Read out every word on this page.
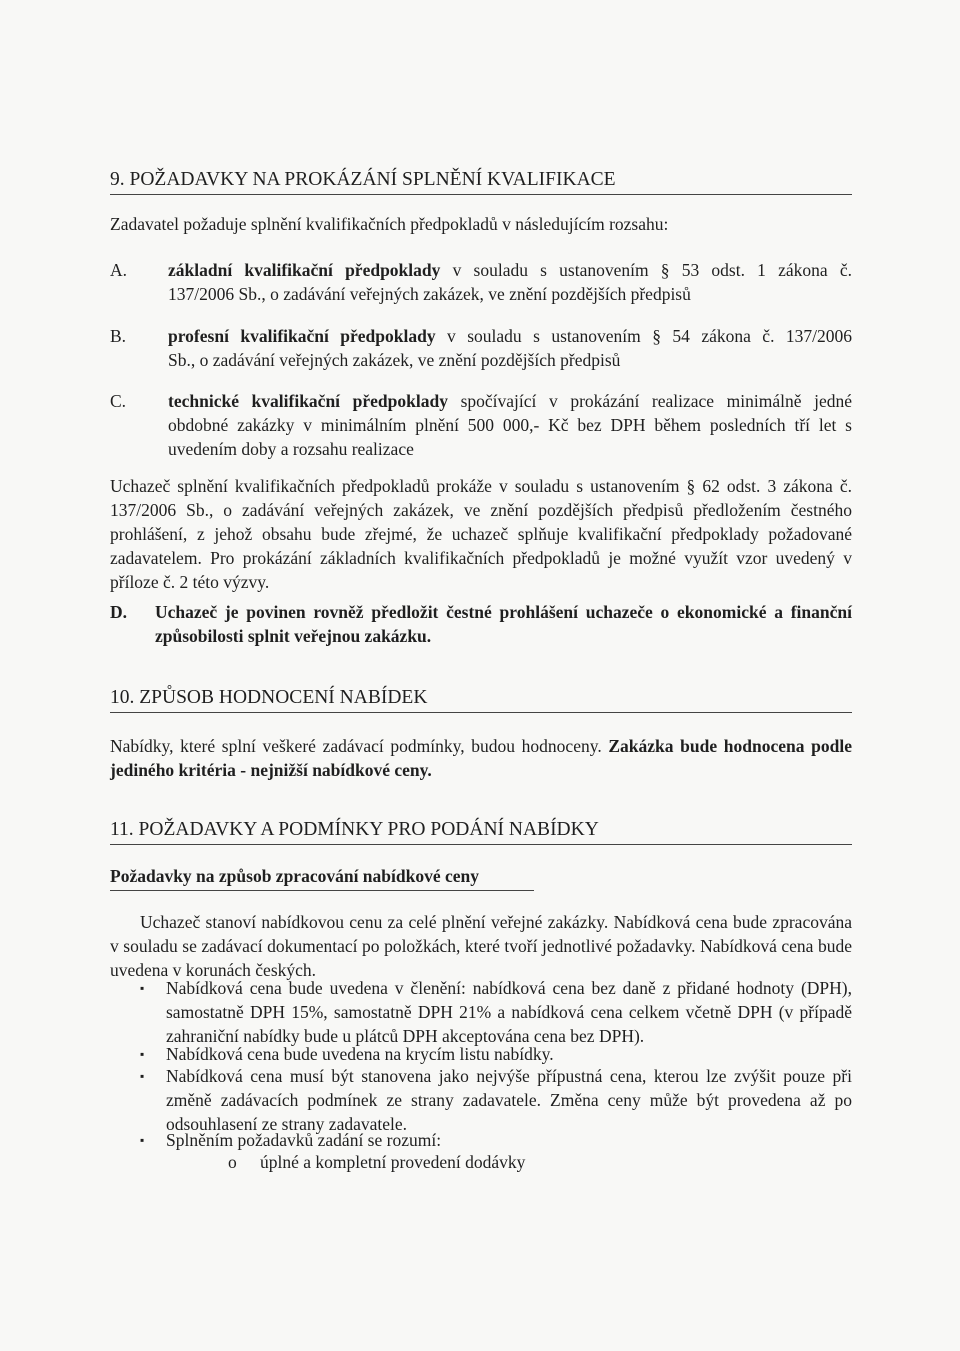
9. POŽADAVKY NA PROKÁZÁNÍ SPLNĚNÍ KVALIFIKACE
Zadavatel požaduje splnění kvalifikačních předpokladů v následujícím rozsahu:
A. základní kvalifikační předpoklady v souladu s ustanovením § 53 odst. 1 zákona č.
137/2006 Sb., o zadávání veřejných zakázek, ve znění pozdějších předpisů
B. profesní kvalifikační předpoklady v souladu s ustanovením § 54 zákona č. 137/2006
Sb., o zadávání veřejných zakázek, ve znění pozdějších předpisů
C. technické kvalifikační předpoklady spočívající v prokázání realizace minimálně jedné
obdobné zakázky v minimálním plnění 500 000,- Kč bez DPH během posledních tří let s uvedením doby a rozsahu realizace
Uchazeč splnění kvalifikačních předpokladů prokáže v souladu s ustanovením § 62 odst. 3 zákona č. 137/2006 Sb., o zadávání veřejných zakázek, ve znění pozdějších předpisů předložením čestného prohlášení, z jehož obsahu bude zřejmé, že uchazeč splňuje kvalifikační předpoklady požadované zadavatelem. Pro prokázání základních kvalifikačních předpokladů je možné využít vzor uvedený v příloze č. 2 této výzvy.
D. Uchazeč je povinen rovněž předložit čestné prohlášení uchazeče o ekonomické a finanční způsobilosti splnit veřejnou zakázku.
10. ZPŮSOB HODNOCENÍ NABÍDEK
Nabídky, které splní veškeré zadávací podmínky, budou hodnoceny. Zakázka bude hodnocena podle jediného kritéria - nejnižší nabídkové ceny.
11. POŽADAVKY A PODMÍNKY PRO PODÁNÍ NABÍDKY
Požadavky na způsob zpracování nabídkové ceny
Uchazeč stanoví nabídkovou cenu za celé plnění veřejné zakázky. Nabídková cena bude zpracována v souladu se zadávací dokumentací po položkách, které tvoří jednotlivé požadavky. Nabídková cena bude uvedena v korunách českých.
▪ Nabídková cena bude uvedena v členění: nabídková cena bez daně z přidané hodnoty (DPH), samostatně DPH 15%, samostatně DPH 21% a nabídková cena celkem včetně DPH (v případě zahraniční nabídky bude u plátců DPH akceptována cena bez DPH).
▪ Nabídková cena bude uvedena na krycím listu nabídky.
▪ Nabídková cena musí být stanovena jako nejvýše přípustná cena, kterou lze zvýšit pouze při změně zadávacích podmínek ze strany zadavatele. Změna ceny může být provedena až po odsouhlasení ze strany zadavatele.
▪ Splněním požadavků zadání se rozumí:
o úplné a kompletní provedení dodávky
